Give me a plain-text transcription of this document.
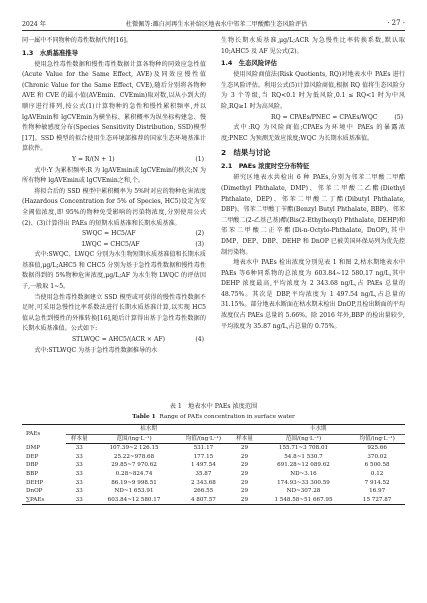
2024 年	杜微佩等:濉白河再生水补给区地表水中邻苯二甲酸酯生态风险评估	· 27 ·

同一属中不同物种的毒性数据代替[16]。

1.3　水质基准推导

使用急性毒性数据和慢性毒性数据计算各物种的同效应急性值(Acute Value for the Same Effect, AVE)及同效应慢性值(Chronic Value for the Same Effect, CVE),随后分别将各物种 AVE 和 CVE 的最小值(AVEmin、CVEmin)取对数,以从小到大的顺序进行排列,按公式(1)计算物种的急性和慢性累积频率,并以 lgAVEmin和 lgCVEmin为横坐标、累积概率为纵坐标构建急、慢性物种敏感度分布(Species Sensitivity Distribution, SSD)模型[17]。SSD 模型的拟合使用生态环境部推荐的国家生态环境基准计算软件。

Y = R/(N + 1)	(1)

式中:Y 为累积频率;R 为 lgAVEmin或 lgCVEmin的秩次;N 为所有物种 lgAVEmin或 lgCVEmin之和,个。

将拟合后的 SSD 模型中累积概率为 5%时对应的物种危害浓度(Hazardous Concentration for 5% of Species, HC5)设定为安全阈值浓度,即 95%的物种免受影响的污染物浓度,分别使用公式(2)、(3)计算得出 PAEs 的短期水质基准和长期水质基准。

SWQC = HC5/AF	(2)
LWQC = CHC5/AF	(3)

式中:SWQC、LWQC 分别为水生物短期水质基准值和长期水质基准值,μg/L;AHC5 和 CHC5 分别为基于急性毒性数据和慢性毒性数据得到的 5%物种危害浓度,μg/L;AF 为水生物 LWQC 的评估因子,一般取 1~5。

当使用急性毒性数据建立 SSD 模型或可获得的慢性毒性数据不足时,可采用急慢性比率系数法进行长期水质基准计算,以实现 HC5 值从急性到慢性的外推转换[16],随后计算得出基于急性毒性数据的长期水质基准值。公式如下:

STLWQC = AHC5/(ACR × AF)	(4)

式中:STLWQC 为基于急性毒性数据推导的水

生物长期水质基准,μg/L;ACR 为急慢性比率转换系数,默认取 10;AHC5 及 AF 见公式(2)。

1.4　生态风险评估

使用风险商值法(Risk Quotients, RQ)对地表水中 PAEs 进行生态风险评估。利用公式(5)计算风险商值,根据 RQ 值将生态风险分为 3 个等级,当 RQ<0.1 时为低风险,0.1 ≤ RQ<1 时为中风险,RQ≥1 时为高风险。

RQ = CPAEs/PNEC = CPAEs/WQC	(5)

式中:RQ 为风险商值;CPAEs为环境中 PAEs 的暴露浓度;PNEC 为预测无效应浓度;WQC 为长期水质基准值。

2　结果与讨论
2.1　PAEs 浓度时空分布特征

研究区地表水共检出 6 种 PAEs,分别为邻苯二甲酸二甲酯(Dimethyl Phthalate, DMP)、邻苯二甲酸二乙酯(Diethyl Phthalate, DEP)、邻苯二甲酸二丁酯(Dibutyl Phthalate, DBP)、邻苯二甲酸丁苄酯(Benzyl Butyl Phthalate, BBP)、邻苯二甲酸二(2-乙基己基)酯(Bis(2-Ethylhexyl) Phthalate, DEHP)和邻苯二甲酸二正辛酯(Di-n-Octylo-Phthalate, DnOP),其中 DMP、DEP、DBP、DEHP 和 DnOP 已被美国环保局列为优先控制污染物。

地表水中 PAEs 检出浓度分别见表 1 和图 2,枯水期地表水中 PAEs 等6种同系物的总浓度为 603.84~12 580.17 ng/L,其中 DEHP 浓度最高,平均浓度为 2 343.68 ng/L,占 PAEs 总量的 48.75%。其次是 DBP,平均浓度为 1 497.54 ng/L,占总量的 31.15%。部分地表水断面在枯水期未检出 DnOP,且检出断面的平均浓度仅占 PAEs 总量的 5.66%。除 2016 年外,BBP 的检出量较少,平均浓度为 35.87 ng/L,占总量的 0.75%。

表 1　地表水中 PAEs 浓度范围
Table 1 Range of PAEs concentration in surface water
PAEs	枯水期			丰水期		
	样本量	范围/(ng·L⁻¹)	均值/(ng·L⁻¹)	样本量	范围/(ng·L⁻¹)	均值/(ng·L⁻¹)
DMP	33	107.39~2 126.15	531.17	29	155.71~3 708.01	925.66
DEP	33	25.22~978.68	177.15	29	54.8~1 530.7	370.02
DBP	33	29.85~7 970.62	1 497.54	29	691.28~12 089.62	6 500.58
BBP	33	0.28~824.74	35.87	29	ND~3.16	0.12
DEHP	33	86.19~9 998.51	2 343.68	29	174.93~33 300.59	7 914.52
DnOP	33	ND~1 653.91	266.55	29	ND~307.28	16.97
∑PAEs	33	603.84~12 580.17	4 807.57	29	1 548.58~51 667.95	15 727.87
